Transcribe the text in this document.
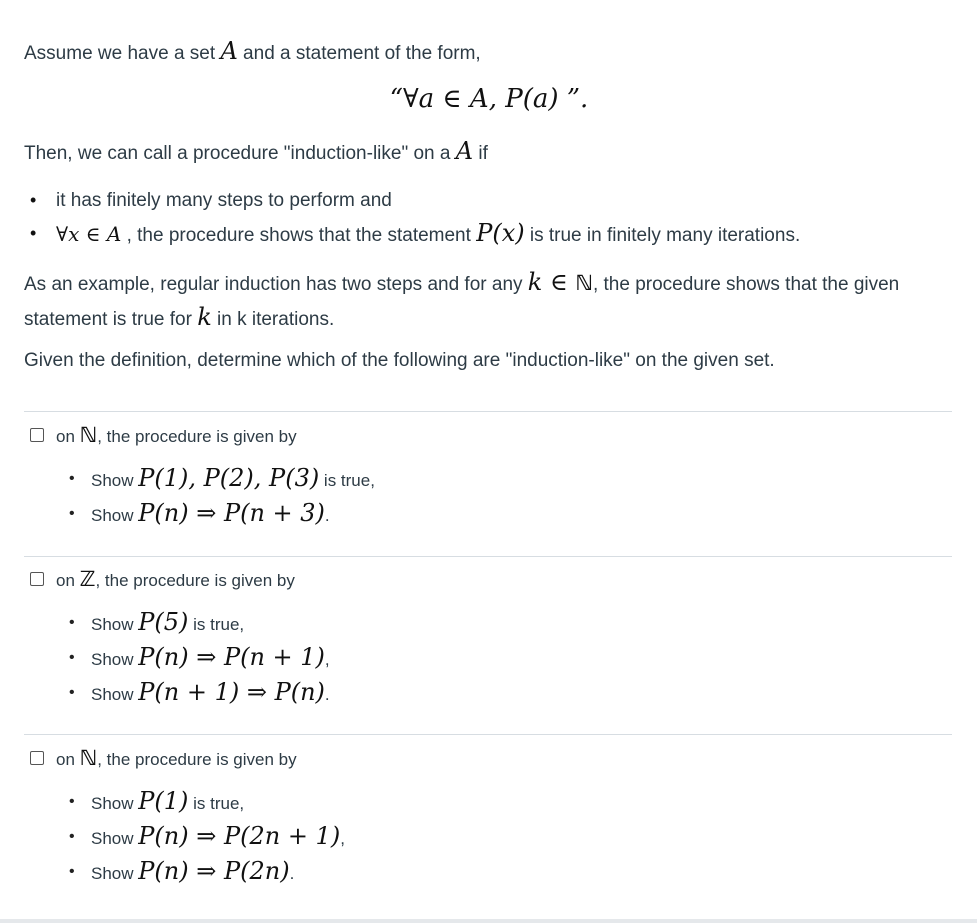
Assume we have a set A and a statement of the form,

“∀a ∈ A, P(a) ”.

Then, we can call a procedure "induction-like" on a A if

• it has finitely many steps to perform and
• ∀x ∈ A , the procedure shows that the statement P(x) is true in finitely many iterations.

As an example, regular induction has two steps and for any k ∈ ℕ, the procedure shows that the given statement is true for k in k iterations.

Given the definition, determine which of the following are "induction-like" on the given set.

on ℕ, the procedure is given by
• Show P(1), P(2), P(3) is true,
• Show P(n) ⇒ P(n + 3).
on ℤ, the procedure is given by
• Show P(5) is true,
• Show P(n) ⇒ P(n + 1),
• Show P(n + 1) ⇒ P(n).
on ℕ, the procedure is given by
• Show P(1) is true,
• Show P(n) ⇒ P(2n + 1),
• Show P(n) ⇒ P(2n).
